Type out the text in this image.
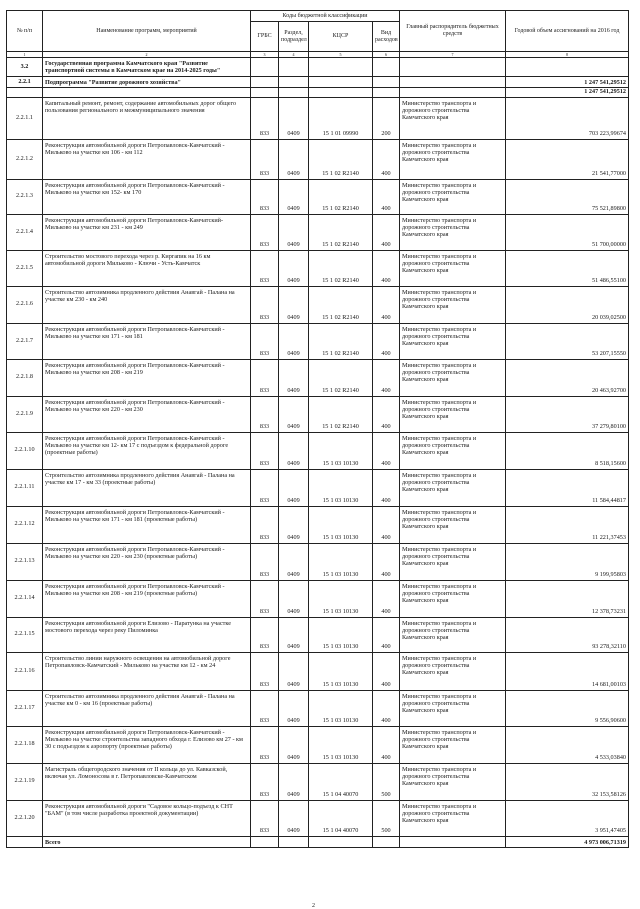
№ п/п	Наименование программ, мероприятий	Коды бюджетной классификации				Главный распорядитель бюджетных средств	Годовой объем ассигнований на 2016 год
		ГРБС	Раздел, подраздел	КЦСР	Вид расходов		
1	2	3	4	5	6	7	8
3.2	Государственная программа Камчатского края "Развитие транспортной системы в Камчатском крае на 2014-2025 годы"						
2.2.1	Подпрограмма "Развитие дорожного хозяйства"						1 247 541,29512
							1 247 541,29512
2.2.1.1	Капитальный ремонт, ремонт, содержание автомобильных дорог общего пользования регионального и межмуниципального значения	833	0409	15 1 01 09990	200	Министерство транспорта и дорожного строительства Камчатского края	703 223,99674
2.2.1.2	Реконструкция автомобильной дороги Петропавловск-Камчатский - Мильково на участке км 106 - км 112	833	0409	15 1 02 R2140	400	Министерство транспорта и дорожного строительства Камчатского края	21 541,77000
2.2.1.3	Реконструкция автомобильной дороги Петропавловск-Камчатский - Мильково на участке км 152- км 170	833	0409	15 1 02 R2140	400	Министерство транспорта и дорожного строительства Камчатского края	75 521,89800
2.2.1.4	Реконструкция автомобильной дороги Петропавловск-Камчатский-Мильково на участке км 231 - км 249	833	0409	15 1 02 R2140	400	Министерство транспорта и дорожного строительства Камчатского края	51 700,00000
2.2.1.5	Строительство мостового перехода через р. Киргапик на 16 км автомобильной дороги Мильково - Ключи - Усть-Камчатск	833	0409	15 1 02 R2140	400	Министерство транспорта и дорожного строительства Камчатского края	51 486,55100
2.2.1.6	Строительство автозимника продленного действия Анавгай - Палана на участке км 230 - км 240	833	0409	15 1 02 R2140	400	Министерство транспорта и дорожного строительства Камчатского края	20 039,02500
2.2.1.7	Реконструкция автомобильной дороги Петропавловск-Камчатский - Мильково на участке км 171 - км 181	833	0409	15 1 02 R2140	400	Министерство транспорта и дорожного строительства Камчатского края	53 207,15550
2.2.1.8	Реконструкция автомобильной дороги Петропавловск-Камчатский - Мильково на участке км 208 - км 219	833	0409	15 1 02 R2140	400	Министерство транспорта и дорожного строительства Камчатского края	20 463,92700
2.2.1.9	Реконструкция автомобильной дороги Петропавловск-Камчатский - Мильково на участке км 220 - км 230	833	0409	15 1 02 R2140	400	Министерство транспорта и дорожного строительства Камчатского края	37 279,80100
2.2.1.10	Реконструкция автомобильной дороги Петропавловск-Камчатский - Мильково на участке км 12- км 17 с подъездом к федеральной дороге (проектные работы)	833	0409	15 1 03 10130	400	Министерство транспорта и дорожного строительства Камчатского края	8 518,15600
2.2.1.11	Строительство автозимника продленного действия Анавгай - Палана на участке км 17 - км 33 (проектные работы)	833	0409	15 1 03 10130	400	Министерство транспорта и дорожного строительства Камчатского края	11 584,44817
2.2.1.12	Реконструкция автомобильной дороги Петропавловск-Камчатский - Мильково на участке км 171 - км 181 (проектные работы)	833	0409	15 1 03 10130	400	Министерство транспорта и дорожного строительства Камчатского края	11 221,37453
2.2.1.13	Реконструкция автомобильной дороги Петропавловск-Камчатский - Мильково на участке км 220 - км 230 (проектные работы)	833	0409	15 1 03 10130	400	Министерство транспорта и дорожного строительства Камчатского края	9 199,95803
2.2.1.14	Реконструкция автомобильной дороги Петропавловск-Камчатский - Мильково на участке км 208 - км 219 (проектные работы)	833	0409	15 1 03 10130	400	Министерство транспорта и дорожного строительства Камчатского края	12 378,73231
2.2.1.15	Реконструкция автомобильной дороги Елизово - Паратунка на участке мостового перехода через реку Пиломинка	833	0409	15 1 03 10130	400	Министерство транспорта и дорожного строительства Камчатского края	93 278,32110
2.2.1.16	Строительство линии наружного освещения на автомобильной дороге Петропавловск-Камчатский - Мильково на участке км 12 - км 24	833	0409	15 1 03 10130	400	Министерство транспорта и дорожного строительства Камчатского края	14 681,00103
2.2.1.17	Строительство автозимника продленного действия Анавгай - Палана на участке км 0 - км 16 (проектные работы)	833	0409	15 1 03 10130	400	Министерство транспорта и дорожного строительства Камчатского края	9 556,90600
2.2.1.18	Реконструкция автомобильной дороги Петропавловск-Камчатский - Мильково на участке строительства западного обхода г. Елизово км 27 - км 30 с подъездом к аэропорту (проектные работы)	833	0409	15 1 03 10130	400	Министерство транспорта и дорожного строительства Камчатского края	4 533,03840
2.2.1.19	Магистраль общегородского значения от II кольца до ул. Кавказской, включая ул. Ломоносова в г. Петропавловске-Камчатском	833	0409	15 1 04 40070	500	Министерство транспорта и дорожного строительства Камчатского края	32 153,58126
2.2.1.20	Реконструкция автомобильной дороги "Садовое кольцо-подъезд к СНТ "БАМ" (в том числе разработка проектной документации)	833	0409	15 1 04 40070	500	Министерство транспорта и дорожного строительства Камчатского края	3 951,47405
	Всего						4 973 006,71319
2
